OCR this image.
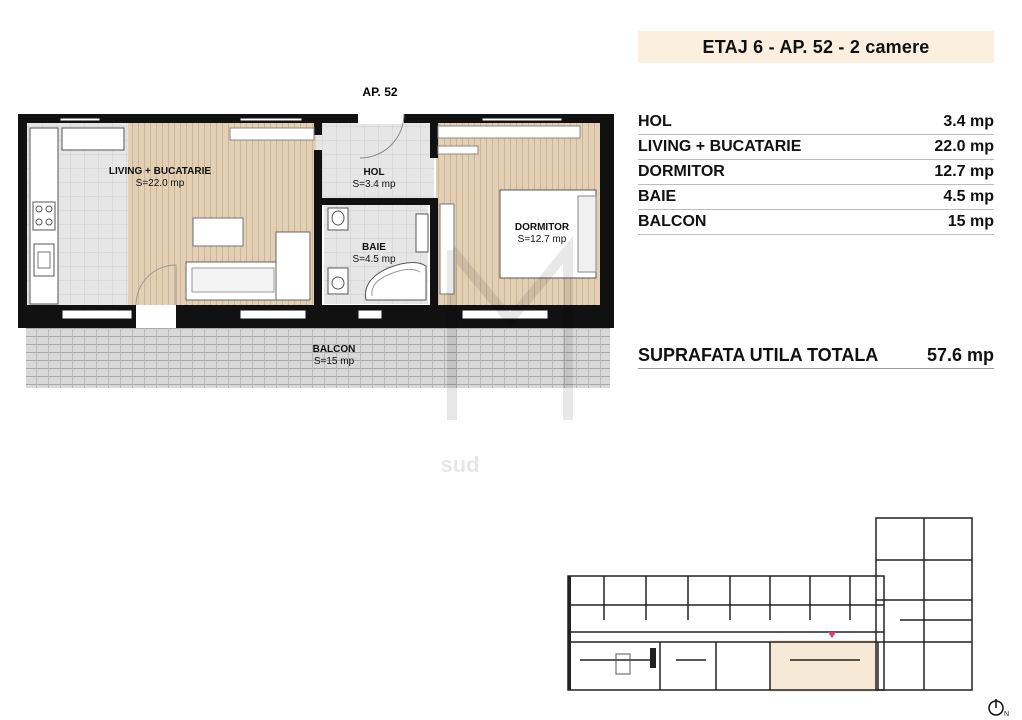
ETAJ 6 - AP. 52 - 2 camere
HOL	3.4 mp
LIVING + BUCATARIE	22.0 mp
DORMITOR	12.7 mp
BAIE	4.5 mp
BALCON	15 mp
SUPRAFATA UTILA TOTALA	57.6 mp
AP. 52
LIVING + BUCATARIE
S=22.0 mp
HOL
S=3.4 mp
BAIE
S=4.5 mp
DORMITOR
S=12.7 mp
BALCON
S=15 mp
sud
N
